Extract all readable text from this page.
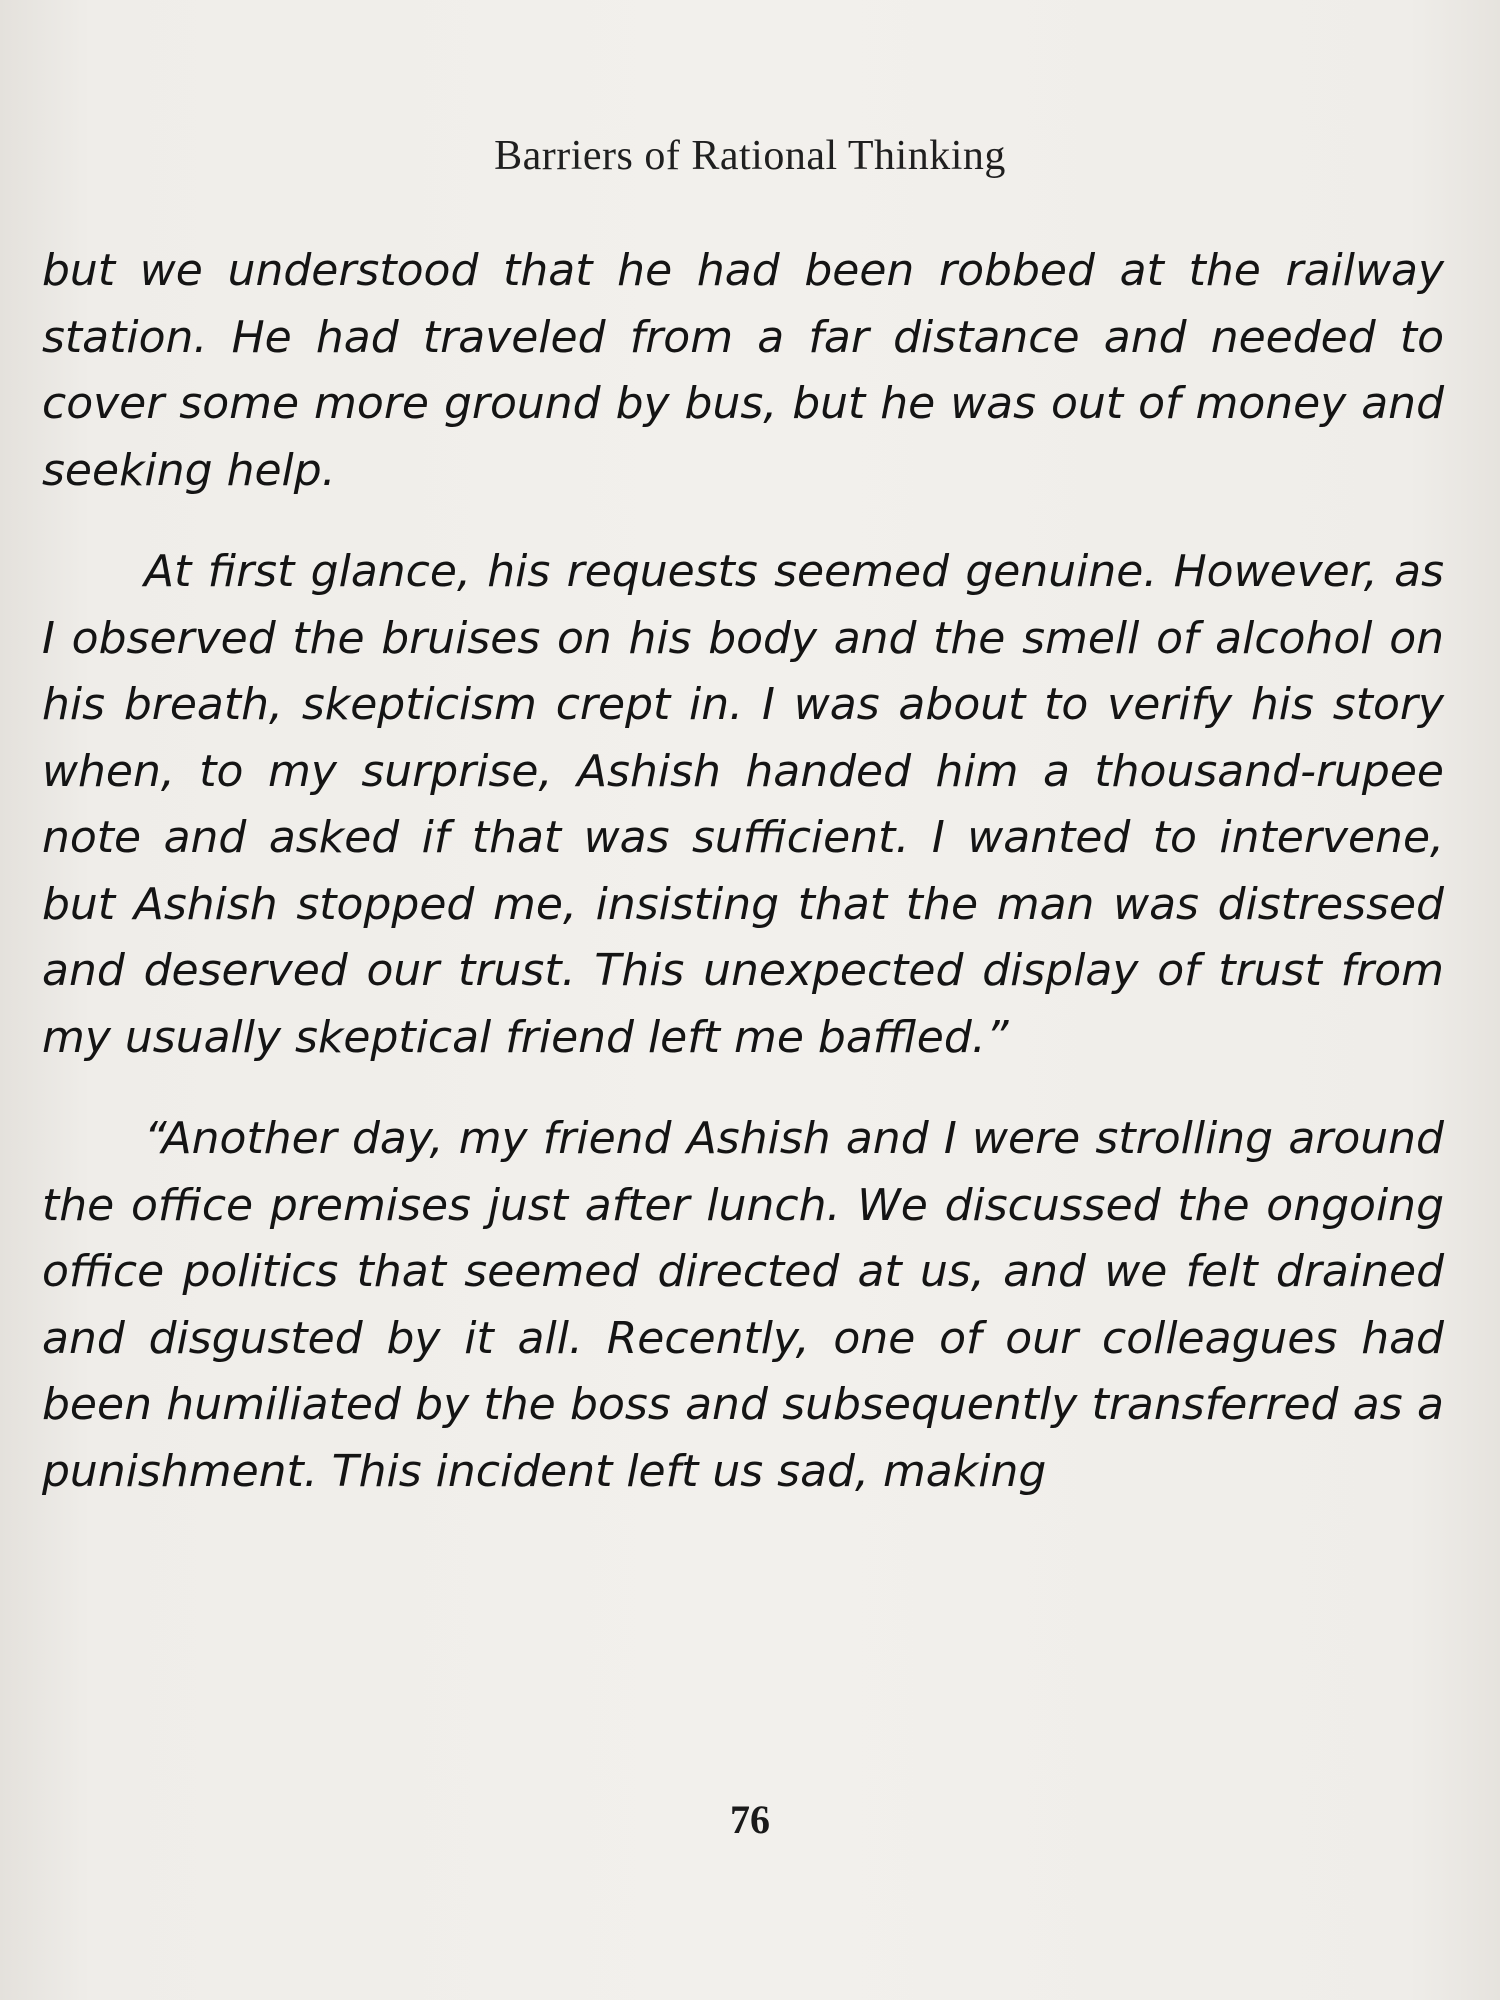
Barriers of Rational Thinking

but we understood that he had been robbed at the railway station. He had traveled from a far distance and needed to cover some more ground by bus, but he was out of money and seeking help.

At first glance, his requests seemed genuine. However, as I observed the bruises on his body and the smell of alcohol on his breath, skepticism crept in. I was about to verify his story when, to my surprise, Ashish handed him a thousand-rupee note and asked if that was sufficient. I wanted to intervene, but Ashish stopped me, insisting that the man was distressed and deserved our trust. This unexpected display of trust from my usually skeptical friend left me baffled.”

“Another day, my friend Ashish and I were strolling around the office premises just after lunch. We discussed the ongoing office politics that seemed directed at us, and we felt drained and disgusted by it all. Recently, one of our colleagues had been humiliated by the boss and subsequently transferred as a punishment. This incident left us sad, making

76
